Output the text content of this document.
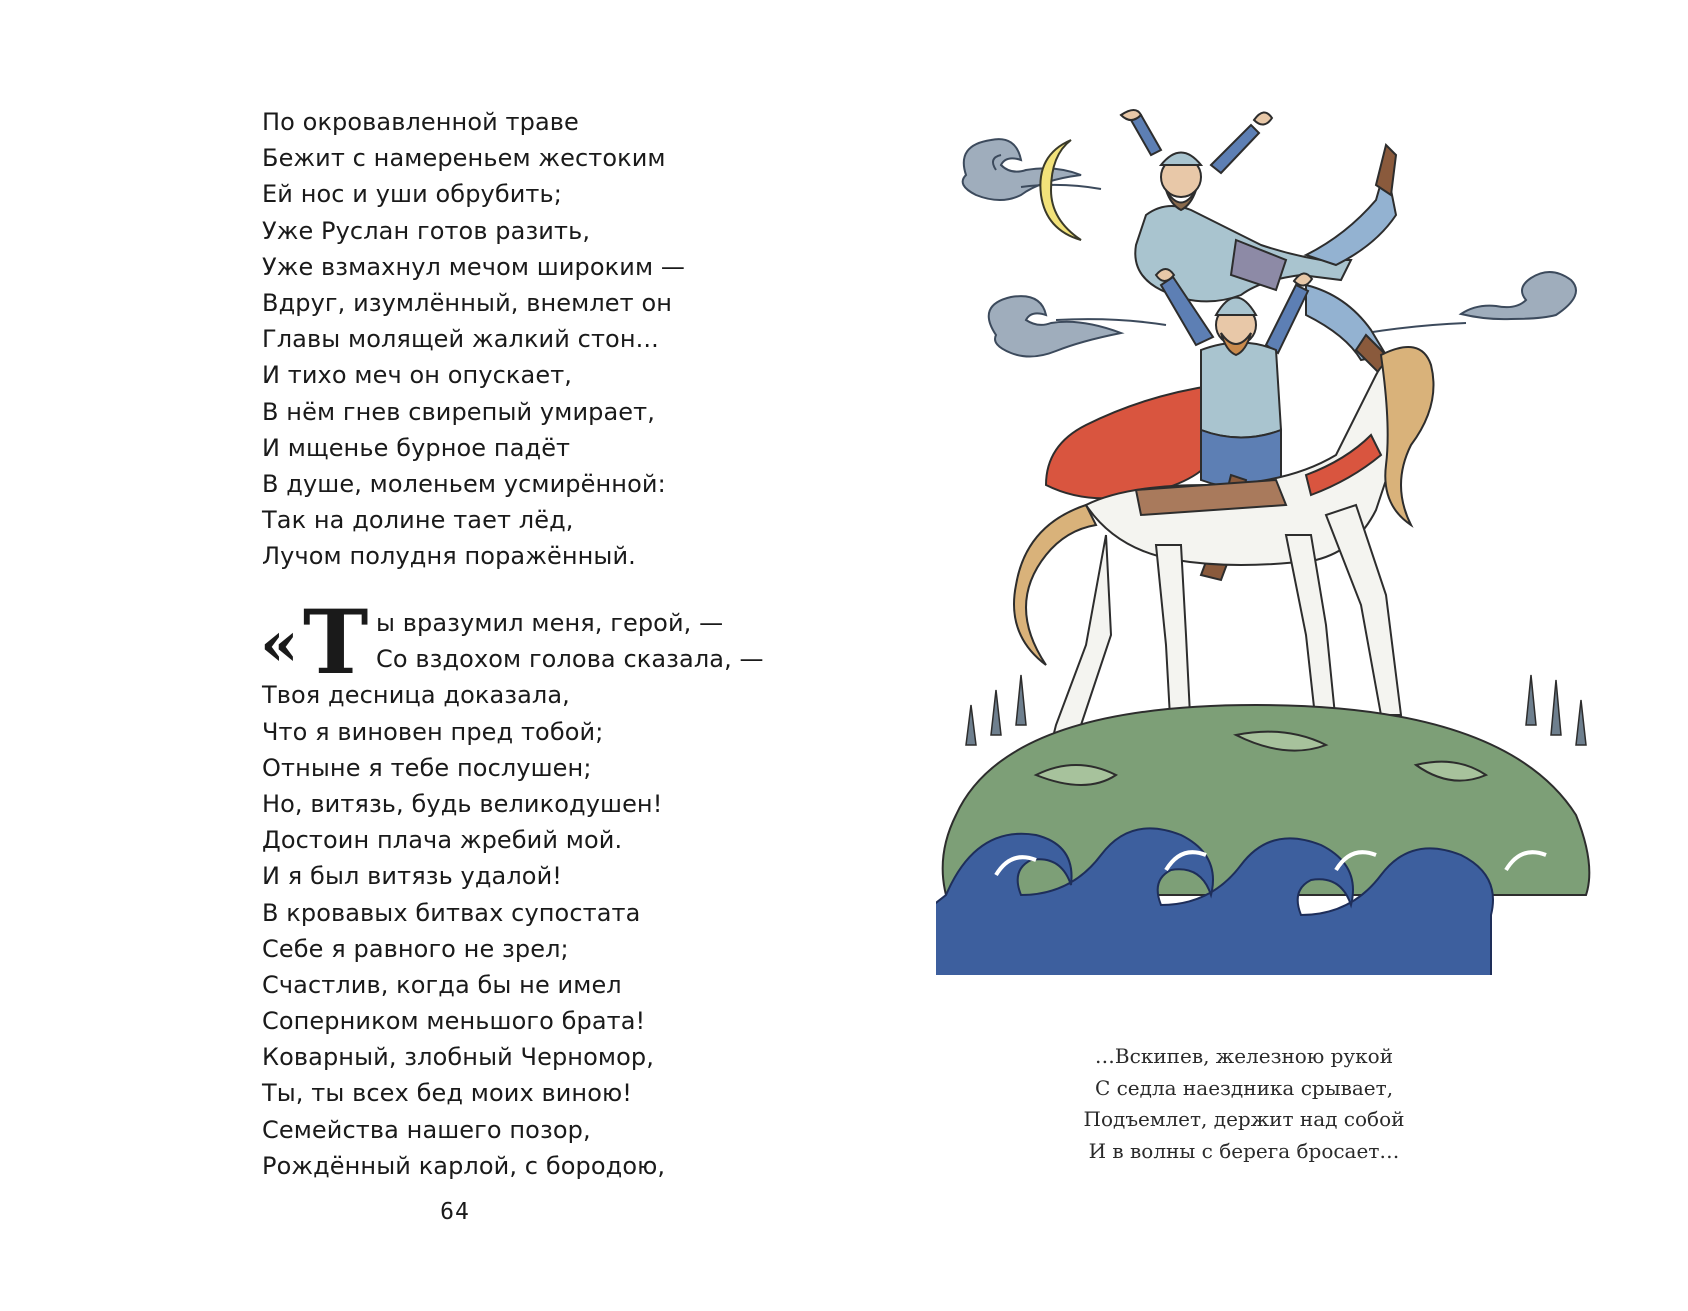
По окровавленной траве
Бежит с намереньем жестоким
Ей нос и уши обрубить;
Уже Руслан готов разить,
Уже взмахнул мечом широким —
Вдруг, изумлённый, внемлет он
Главы молящей жалкий стон...
И тихо меч он опускает,
В нём гнев свирепый умирает,
И мщенье бурное падёт
В душе, моленьем усмирённой:
Так на долине тает лёд,
Лучом полудня поражённый.
« Т ы вразумил меня, герой, —
Со вздохом голова сказала, —
Твоя десница доказала,
Что я виновен пред тобой;
Отныне я тебе послушен;
Но, витязь, будь великодушен!
Достоин плача жребий мой.
И я был витязь удалой!
В кровавых битвах супостата
Себе я равного не зрел;
Счастлив, когда бы не имел
Соперником меньшого брата!
Коварный, злобный Черномор,
Ты, ты всех бед моих виною!
Семейства нашего позор,
Рождённый карлой, с бородою,
64
…Вскипев, железною рукой
С седла наездника срывает,
Подъемлет, держит над собой
И в волны с берега бросает…
